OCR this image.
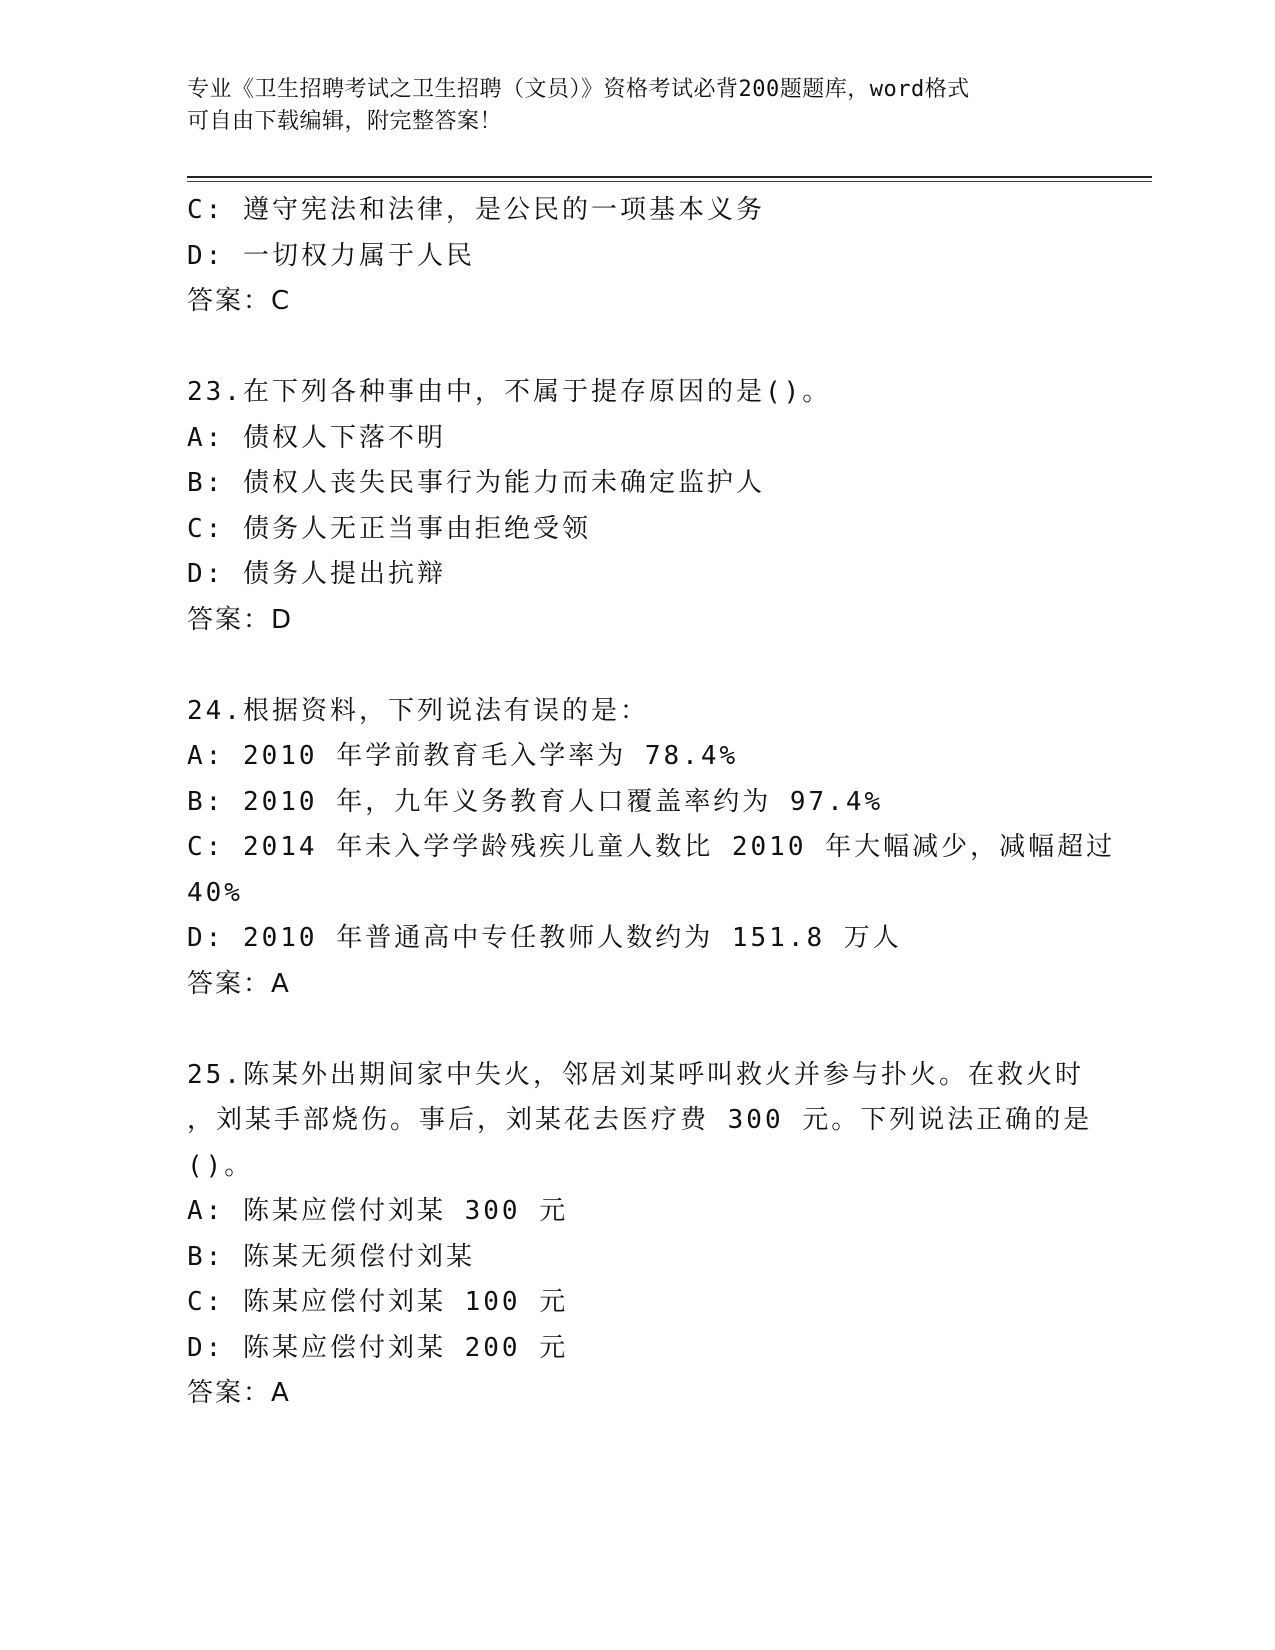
专业《卫生招聘考试之卫生招聘（文员）》资格考试必背200题题库，word格式
可自由下载编辑，附完整答案！
C: 遵守宪法和法律，是公民的一项基本义务
D: 一切权力属于人民
答案：C
23.在下列各种事由中，不属于提存原因的是()。
A: 债权人下落不明
B: 债权人丧失民事行为能力而未确定监护人
C: 债务人无正当事由拒绝受领
D: 债务人提出抗辩
答案：D
24.根据资料，下列说法有误的是：
A: 2010 年学前教育毛入学率为 78.4%
B: 2010 年，九年义务教育人口覆盖率约为 97.4%
C: 2014 年未入学学龄残疾儿童人数比 2010 年大幅减少，减幅超过
40%
D: 2010 年普通高中专任教师人数约为 151.8 万人
答案：A
25.陈某外出期间家中失火，邻居刘某呼叫救火并参与扑火。在救火时
，刘某手部烧伤。事后，刘某花去医疗费 300 元。下列说法正确的是
()。
A: 陈某应偿付刘某 300 元
B: 陈某无须偿付刘某
C: 陈某应偿付刘某 100 元
D: 陈某应偿付刘某 200 元
答案：A
